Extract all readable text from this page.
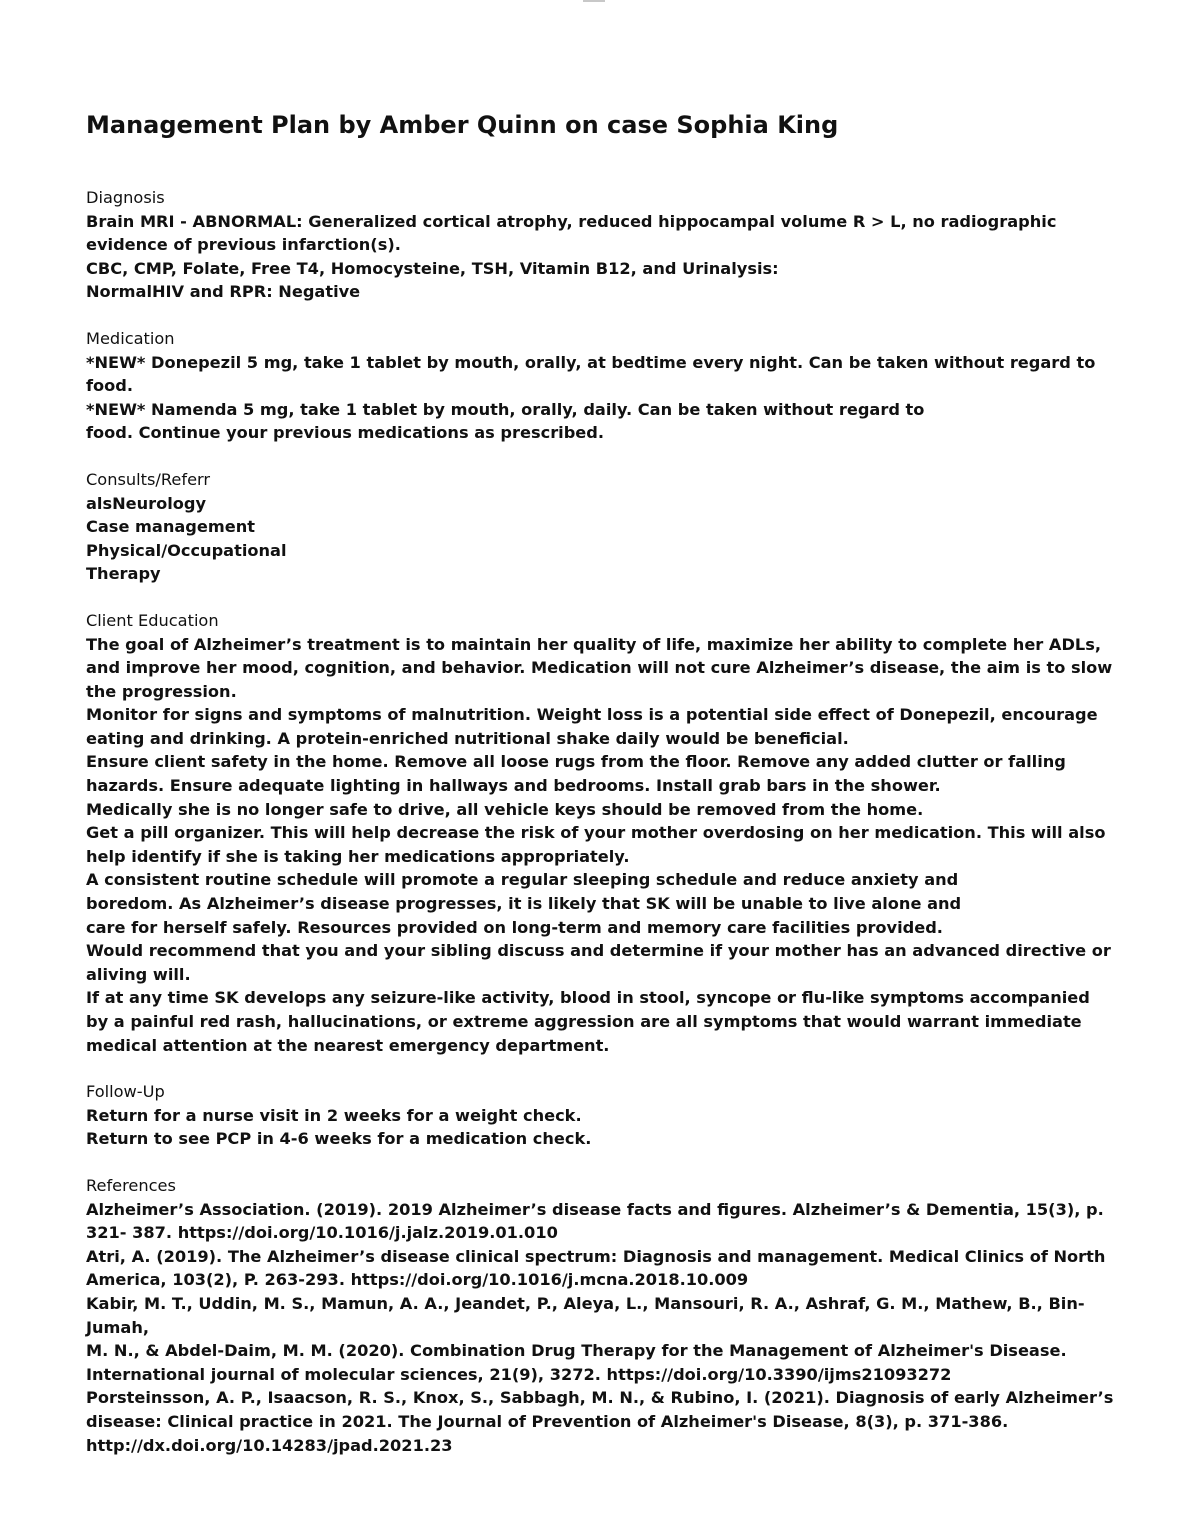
Management Plan by Amber Quinn on case Sophia King
Diagnosis

Brain MRI - ABNORMAL: Generalized cortical atrophy, reduced hippocampal volume R > L, no radiographic evidence of previous infarction(s).

CBC, CMP, Folate, Free T4, Homocysteine, TSH, Vitamin B12, and Urinalysis:

NormalHIV and RPR: Negative

Medication

*NEW* Donepezil 5 mg, take 1 tablet by mouth, orally, at bedtime every night. Can be taken without regard to food.

*NEW* Namenda 5 mg, take 1 tablet by mouth, orally, daily. Can be taken without regard to

food. Continue your previous medications as prescribed.

Consults/Referr

alsNeurology

Case management

Physical/Occupational

Therapy

Client Education

The goal of Alzheimer’s treatment is to maintain her quality of life, maximize her ability to complete her ADLs, and improve her mood, cognition, and behavior. Medication will not cure Alzheimer’s disease, the aim is to slow the progression.

Monitor for signs and symptoms of malnutrition. Weight loss is a potential side effect of Donepezil, encourage eating and drinking. A protein-enriched nutritional shake daily would be beneficial.

Ensure client safety in the home. Remove all loose rugs from the floor. Remove any added clutter or falling hazards. Ensure adequate lighting in hallways and bedrooms. Install grab bars in the shower.

Medically she is no longer safe to drive, all vehicle keys should be removed from the home.

Get a pill organizer. This will help decrease the risk of your mother overdosing on her medication. This will also help identify if she is taking her medications appropriately.

A consistent routine schedule will promote a regular sleeping schedule and reduce anxiety and

boredom. As Alzheimer’s disease progresses, it is likely that SK will be unable to live alone and

care for herself safely. Resources provided on long-term and memory care facilities provided.

Would recommend that you and your sibling discuss and determine if your mother has an advanced directive or aliving will.

If at any time SK develops any seizure-like activity, blood in stool, syncope or flu-like symptoms accompanied by a painful red rash, hallucinations, or extreme aggression are all symptoms that would warrant immediate medical attention at the nearest emergency department.

Follow-Up

Return for a nurse visit in 2 weeks for a weight check.

Return to see PCP in 4-6 weeks for a medication check.

References

Alzheimer’s Association. (2019). 2019 Alzheimer’s disease facts and figures. Alzheimer’s & Dementia, 15(3), p. 321- 387. https://doi.org/10.1016/j.jalz.2019.01.010

Atri, A. (2019). The Alzheimer’s disease clinical spectrum: Diagnosis and management. Medical Clinics of North America, 103(2), P. 263-293. https://doi.org/10.1016/j.mcna.2018.10.009

Kabir, M. T., Uddin, M. S., Mamun, A. A., Jeandet, P., Aleya, L., Mansouri, R. A., Ashraf, G. M., Mathew, B., Bin-Jumah,

M. N., & Abdel-Daim, M. M. (2020). Combination Drug Therapy for the Management of Alzheimer's Disease. International journal of molecular sciences, 21(9), 3272. https://doi.org/10.3390/ijms21093272

Porsteinsson, A. P., Isaacson, R. S., Knox, S., Sabbagh, M. N., & Rubino, I. (2021). Diagnosis of early Alzheimer’s disease: Clinical practice in 2021. The Journal of Prevention of Alzheimer's Disease, 8(3), p. 371-386. http://dx.doi.org/10.14283/jpad.2021.23
